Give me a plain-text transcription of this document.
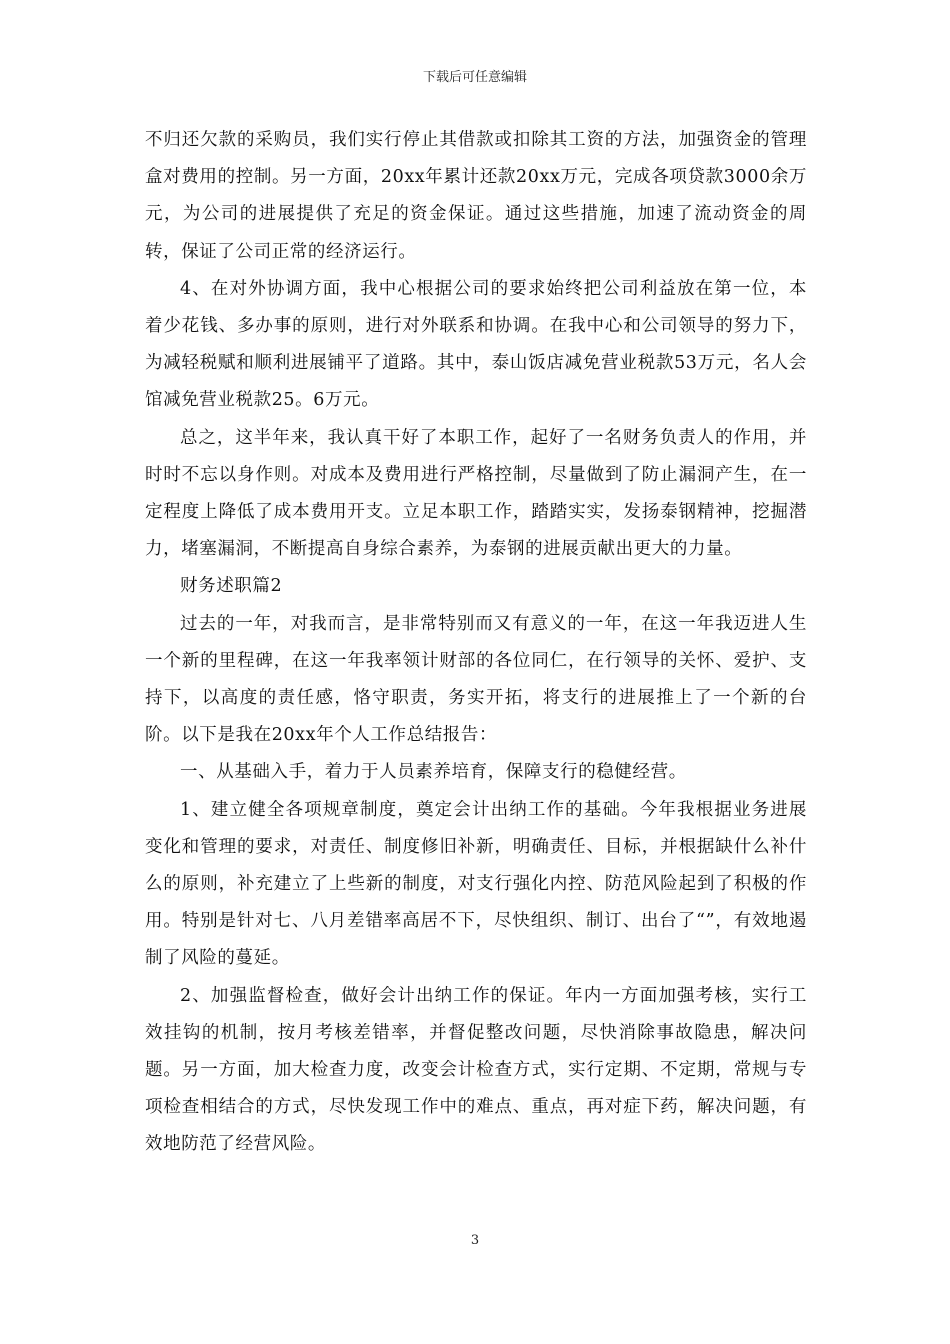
下载后可任意编辑

不归还欠款的采购员，我们实行停止其借款或扣除其工资的方法，加强资金的管理盒对费用的控制。另一方面，20xx年累计还款20xx万元，完成各项贷款3000余万元，为公司的进展提供了充足的资金保证。通过这些措施，加速了流动资金的周转，保证了公司正常的经济运行。

4、在对外协调方面，我中心根据公司的要求始终把公司利益放在第一位，本着少花钱、多办事的原则，进行对外联系和协调。在我中心和公司领导的努力下，为减轻税赋和顺利进展铺平了道路。其中，泰山饭店减免营业税款53万元，名人会馆减免营业税款25。6万元。

总之，这半年来，我认真干好了本职工作，起好了一名财务负责人的作用，并时时不忘以身作则。对成本及费用进行严格控制，尽量做到了防止漏洞产生，在一定程度上降低了成本费用开支。立足本职工作，踏踏实实，发扬泰钢精神，挖掘潜力，堵塞漏洞，不断提高自身综合素养，为泰钢的进展贡献出更大的力量。

财务述职篇2

过去的一年，对我而言，是非常特别而又有意义的一年，在这一年我迈进人生一个新的里程碑，在这一年我率领计财部的各位同仁，在行领导的关怀、爱护、支持下，以高度的责任感，恪守职责，务实开拓，将支行的进展推上了一个新的台阶。以下是我在20xx年个人工作总结报告：

一、从基础入手，着力于人员素养培育，保障支行的稳健经营。

1、建立健全各项规章制度，奠定会计出纳工作的基础。今年我根据业务进展变化和管理的要求，对责任、制度修旧补新，明确责任、目标，并根据缺什么补什么的原则，补充建立了上些新的制度，对支行强化内控、防范风险起到了积极的作用。特别是针对七、八月差错率高居不下，尽快组织、制订、出台了“”，有效地遏制了风险的蔓延。

2、加强监督检查，做好会计出纳工作的保证。年内一方面加强考核，实行工效挂钩的机制，按月考核差错率，并督促整改问题，尽快消除事故隐患，解决问题。另一方面，加大检查力度，改变会计检查方式，实行定期、不定期，常规与专项检查相结合的方式，尽快发现工作中的难点、重点，再对症下药，解决问题，有效地防范了经营风险。

3
